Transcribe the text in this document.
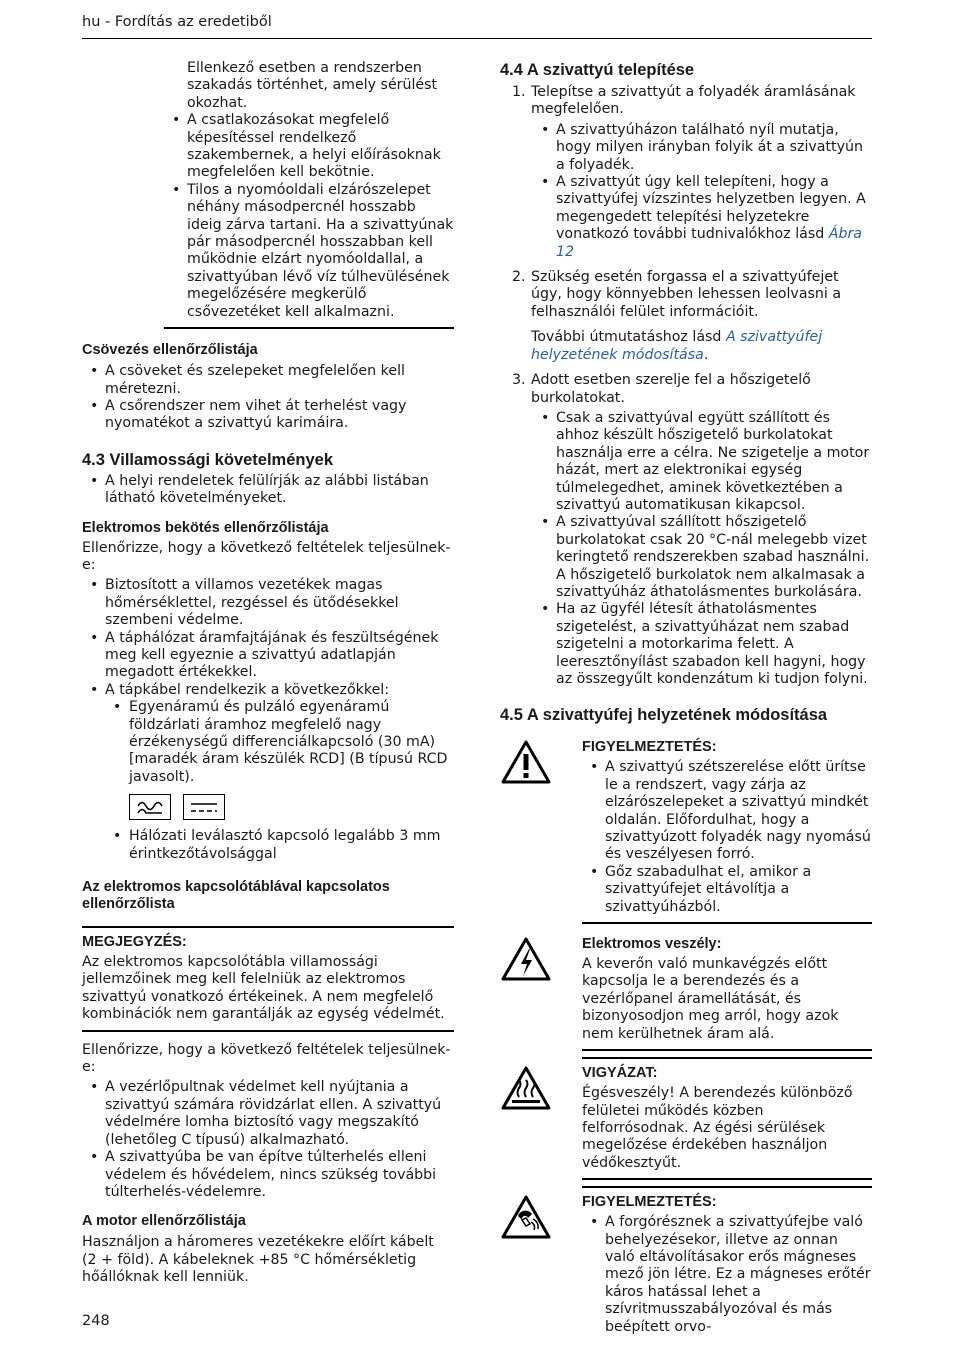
hu - Fordítás az eredetiből

Ellenkező esetben a rendszerben szakadás történhet, amely sérülést okozhat.

• A csatlakozásokat megfelelő képesítéssel rendelkező szakembernek, a helyi előírásoknak megfelelően kell bekötnie.
• Tilos a nyomóoldali elzárószelepet néhány másodpercnél hosszabb ideig zárva tartani. Ha a szivattyúnak pár másodpercnél hosszabban kell működnie elzárt nyomóoldallal, a szivattyúban lévő víz túlhevülésének megelőzésére megkerülő csővezetéket kell alkalmazni.
Csövezés ellenőrzőlistája
• A csöveket és szelepeket megfelelően kell méretezni.
• A csőrendszer nem vihet át terhelést vagy nyomatékot a szivattyú karimáira.
4.3 Villamossági követelmények
• A helyi rendeletek felülírják az alábbi listában látható követelményeket.
Elektromos bekötés ellenőrzőlistája

Ellenőrizze, hogy a következő feltételek teljesülnek-e:

• Biztosított a villamos vezetékek magas hőmérséklettel, rezgéssel és ütődésekkel szembeni védelme.
• A táphálózat áramfajtájának és feszültségének meg kell egyeznie a szivattyú adatlapján megadott értékekkel.
• A tápkábel rendelkezik a következőkkel:
• Egyenáramú és pulzáló egyenáramú földzárlati áramhoz megfelelő nagy érzékenységű differenciálkapcsoló (30 mA) [maradék áram készülék RCD] (B típusú RCD javasolt).
• Hálózati leválasztó kapcsoló legalább 3 mm érintkezőtávolsággal
Az elektromos kapcsolótáblával kapcsolatos ellenőrzőlista
MEGJEGYZÉS:

Az elektromos kapcsolótábla villamossági jellemzőinek meg kell felelniük az elektromos szivattyú vonatkozó értékeinek. A nem megfelelő kombinációk nem garantálják az egység védelmét.

Ellenőrizze, hogy a következő feltételek teljesülnek-e:

• A vezérlőpultnak védelmet kell nyújtania a szivattyú számára rövidzárlat ellen. A szivattyú védelmére lomha biztosító vagy megszakító (lehetőleg C típusú) alkalmazható.
• A szivattyúba be van építve túlterhelés elleni védelem és hővédelem, nincs szükség további túlterhelés-védelemre.
A motor ellenőrzőlistája

Használjon a háromeres vezetékekre előírt kábelt (2 + föld). A kábeleknek +85 °C hőmérsékletig hőállóknak kell lenniük.

4.4 A szivattyú telepítése
1. Telepítse a szivattyút a folyadék áramlásának megfelelően.

• A szivattyúházon található nyíl mutatja, hogy milyen irányban folyik át a szivattyún a folyadék.
• A szivattyút úgy kell telepíteni, hogy a szivattyúfej vízszintes helyzetben legyen. A megengedett telepítési helyzetekre vonatkozó további tudnivalókhoz lásd Ábra 12
2. Szükség esetén forgassa el a szivattyúfejet úgy, hogy könnyebben lehessen leolvasni a felhasználói felület információit.

További útmutatáshoz lásd A szivattyúfej helyzetének módosítása.

3. Adott esetben szerelje fel a hőszigetelő burkolatokat.

• Csak a szivattyúval együtt szállított és ahhoz készült hőszigetelő burkolatokat használja erre a célra. Ne szigetelje a motor házát, mert az elektronikai egység túlmelegedhet, aminek következtében a szivattyú automatikusan kikapcsol.
• A szivattyúval szállított hőszigetelő burkolatokat csak 20 °C-nál melegebb vizet keringtető rendszerekben szabad használni. A hőszigetelő burkolatok nem alkalmasak a szivattyúház áthatolásmentes burkolására.
• Ha az ügyfél létesít áthatolásmentes szigetelést, a szivattyúházat nem szabad szigetelni a motorkarima felett. A leeresztőnyílást szabadon kell hagyni, hogy az összegyűlt kondenzátum ki tudjon folyni.
4.5 A szivattyúfej helyzetének módosítása
FIGYELMEZTETÉS:
• A szivattyú szétszerelése előtt ürítse le a rendszert, vagy zárja az elzárószelepeket a szivattyú mindkét oldalán. Előfordulhat, hogy a szivattyúzott folyadék nagy nyomású és veszélyesen forró.
• Gőz szabadulhat el, amikor a szivattyúfejet eltávolítja a szivattyúházból.
Elektromos veszély:

A keverőn való munkavégzés előtt kapcsolja le a berendezés és a vezérlőpanel áramellátását, és bizonyosodjon meg arról, hogy azok nem kerülhetnek áram alá.

VIGYÁZAT:

Égésveszély! A berendezés különböző felületei működés közben felforrósodnak. Az égési sérülések megelőzése érdekében használjon védőkesztyűt.

FIGYELMEZTETÉS:
• A forgórésznek a szivattyúfejbe való behelyezésekor, illetve az onnan való eltávolításakor erős mágneses mező jön létre. Ez a mágneses erőtér káros hatással lehet a szívritmusszabályozóval és más beépített orvo-
248
